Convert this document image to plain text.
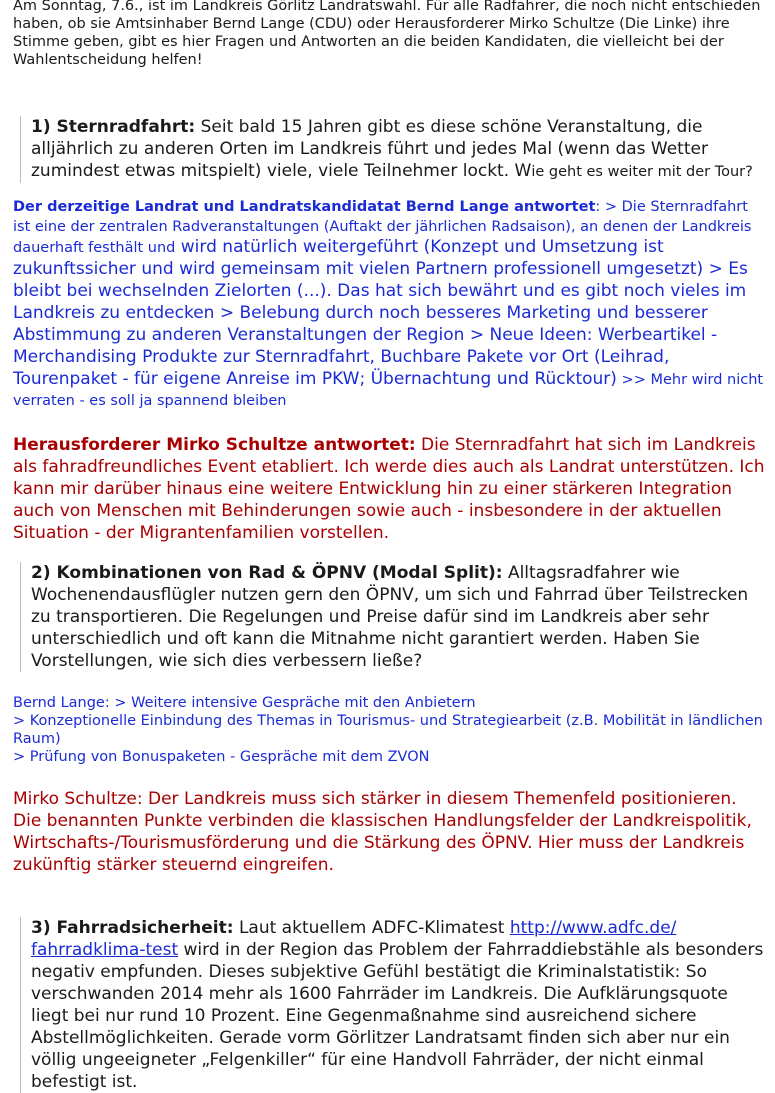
Am Sonntag, 7.6., ist im Landkreis Görlitz Landratswahl. Für alle Radfahrer, die noch nicht entschieden haben, ob sie Amtsinhaber Bernd Lange (CDU) oder Herausforderer Mirko Schultze (Die Linke) ihre Stimme geben, gibt es hier Fragen und Antworten an die beiden Kandidaten, die vielleicht bei der Wahlentscheidung helfen!

1) Sternradfahrt: Seit bald 15 Jahren gibt es diese schöne Veranstaltung, die alljährlich zu anderen Orten im Landkreis führt und jedes Mal (wenn das Wetter zumindest etwas mitspielt) viele, viele Teilnehmer lockt. Wie geht es weiter mit der Tour?

Der derzeitige Landrat und Landratskandidatat Bernd Lange antwortet: > Die Sternradfahrt ist eine der zentralen Radveranstaltungen (Auftakt der jährlichen Radsaison), an denen der Landkreis dauerhaft festhält und wird natürlich weitergeführt (Konzept und Umsetzung ist zukunftssicher und wird gemeinsam mit vielen Partnern professionell umgesetzt) > Es bleibt bei wechselnden Zielorten (...). Das hat sich bewährt und es gibt noch vieles im Landkreis zu entdecken > Belebung durch noch besseres Marketing und besserer Abstimmung zu anderen Veranstaltungen der Region > Neue Ideen: Werbeartikel - Merchandising Produkte zur Sternradfahrt, Buchbare Pakete vor Ort (Leihrad, Tourenpaket - für eigene Anreise im PKW; Übernachtung und Rücktour) >> Mehr wird nicht verraten - es soll ja spannend bleiben

Herausforderer Mirko Schultze antwortet: Die Sternradfahrt hat sich im Landkreis als fahradfreundliches Event etabliert. Ich werde dies auch als Landrat unterstützen. Ich kann mir darüber hinaus eine weitere Entwicklung hin zu einer stärkeren Integration auch von Menschen mit Behinderungen sowie auch - insbesondere in der aktuellen Situation - der Migrantenfamilien vorstellen.

2) Kombinationen von Rad & ÖPNV (Modal Split): Alltagsradfahrer wie Wochenendausflügler nutzen gern den ÖPNV, um sich und Fahrrad über Teilstrecken zu transportieren. Die Regelungen und Preise dafür sind im Landkreis aber sehr unterschiedlich und oft kann die Mitnahme nicht garantiert werden. Haben Sie Vorstellungen, wie sich dies verbessern ließe?

Bernd Lange: > Weitere intensive Gespräche mit den Anbietern

> Konzeptionelle Einbindung des Themas in Tourismus- und Strategiearbeit (z.B. Mobilität in ländlichen Raum)

> Prüfung von Bonuspaketen - Gespräche mit dem ZVON

Mirko Schultze: Der Landkreis muss sich stärker in diesem Themenfeld positionieren. Die benannten Punkte verbinden die klassischen Handlungsfelder der Landkreispolitik, Wirtschafts-/Tourismusförderung und die Stärkung des ÖPNV. Hier muss der Landkreis zukünftig stärker steuernd eingreifen.

3) Fahrradsicherheit: Laut aktuellem ADFC-Klimatest http://www.adfc.de/ fahrradklima-test wird in der Region das Problem der Fahrraddiebstähle als besonders negativ empfunden. Dieses subjektive Gefühl bestätigt die Kriminalstatistik: So verschwanden 2014 mehr als 1600 Fahrräder im Landkreis. Die Aufklärungsquote liegt bei nur rund 10 Prozent. Eine Gegenmaßnahme sind ausreichend sichere Abstellmöglichkeiten. Gerade vorm Görlitzer Landratsamt finden sich aber nur ein völlig ungeeigneter „Felgenkiller“ für eine Handvoll Fahrräder, der nicht einmal befestigt ist.
